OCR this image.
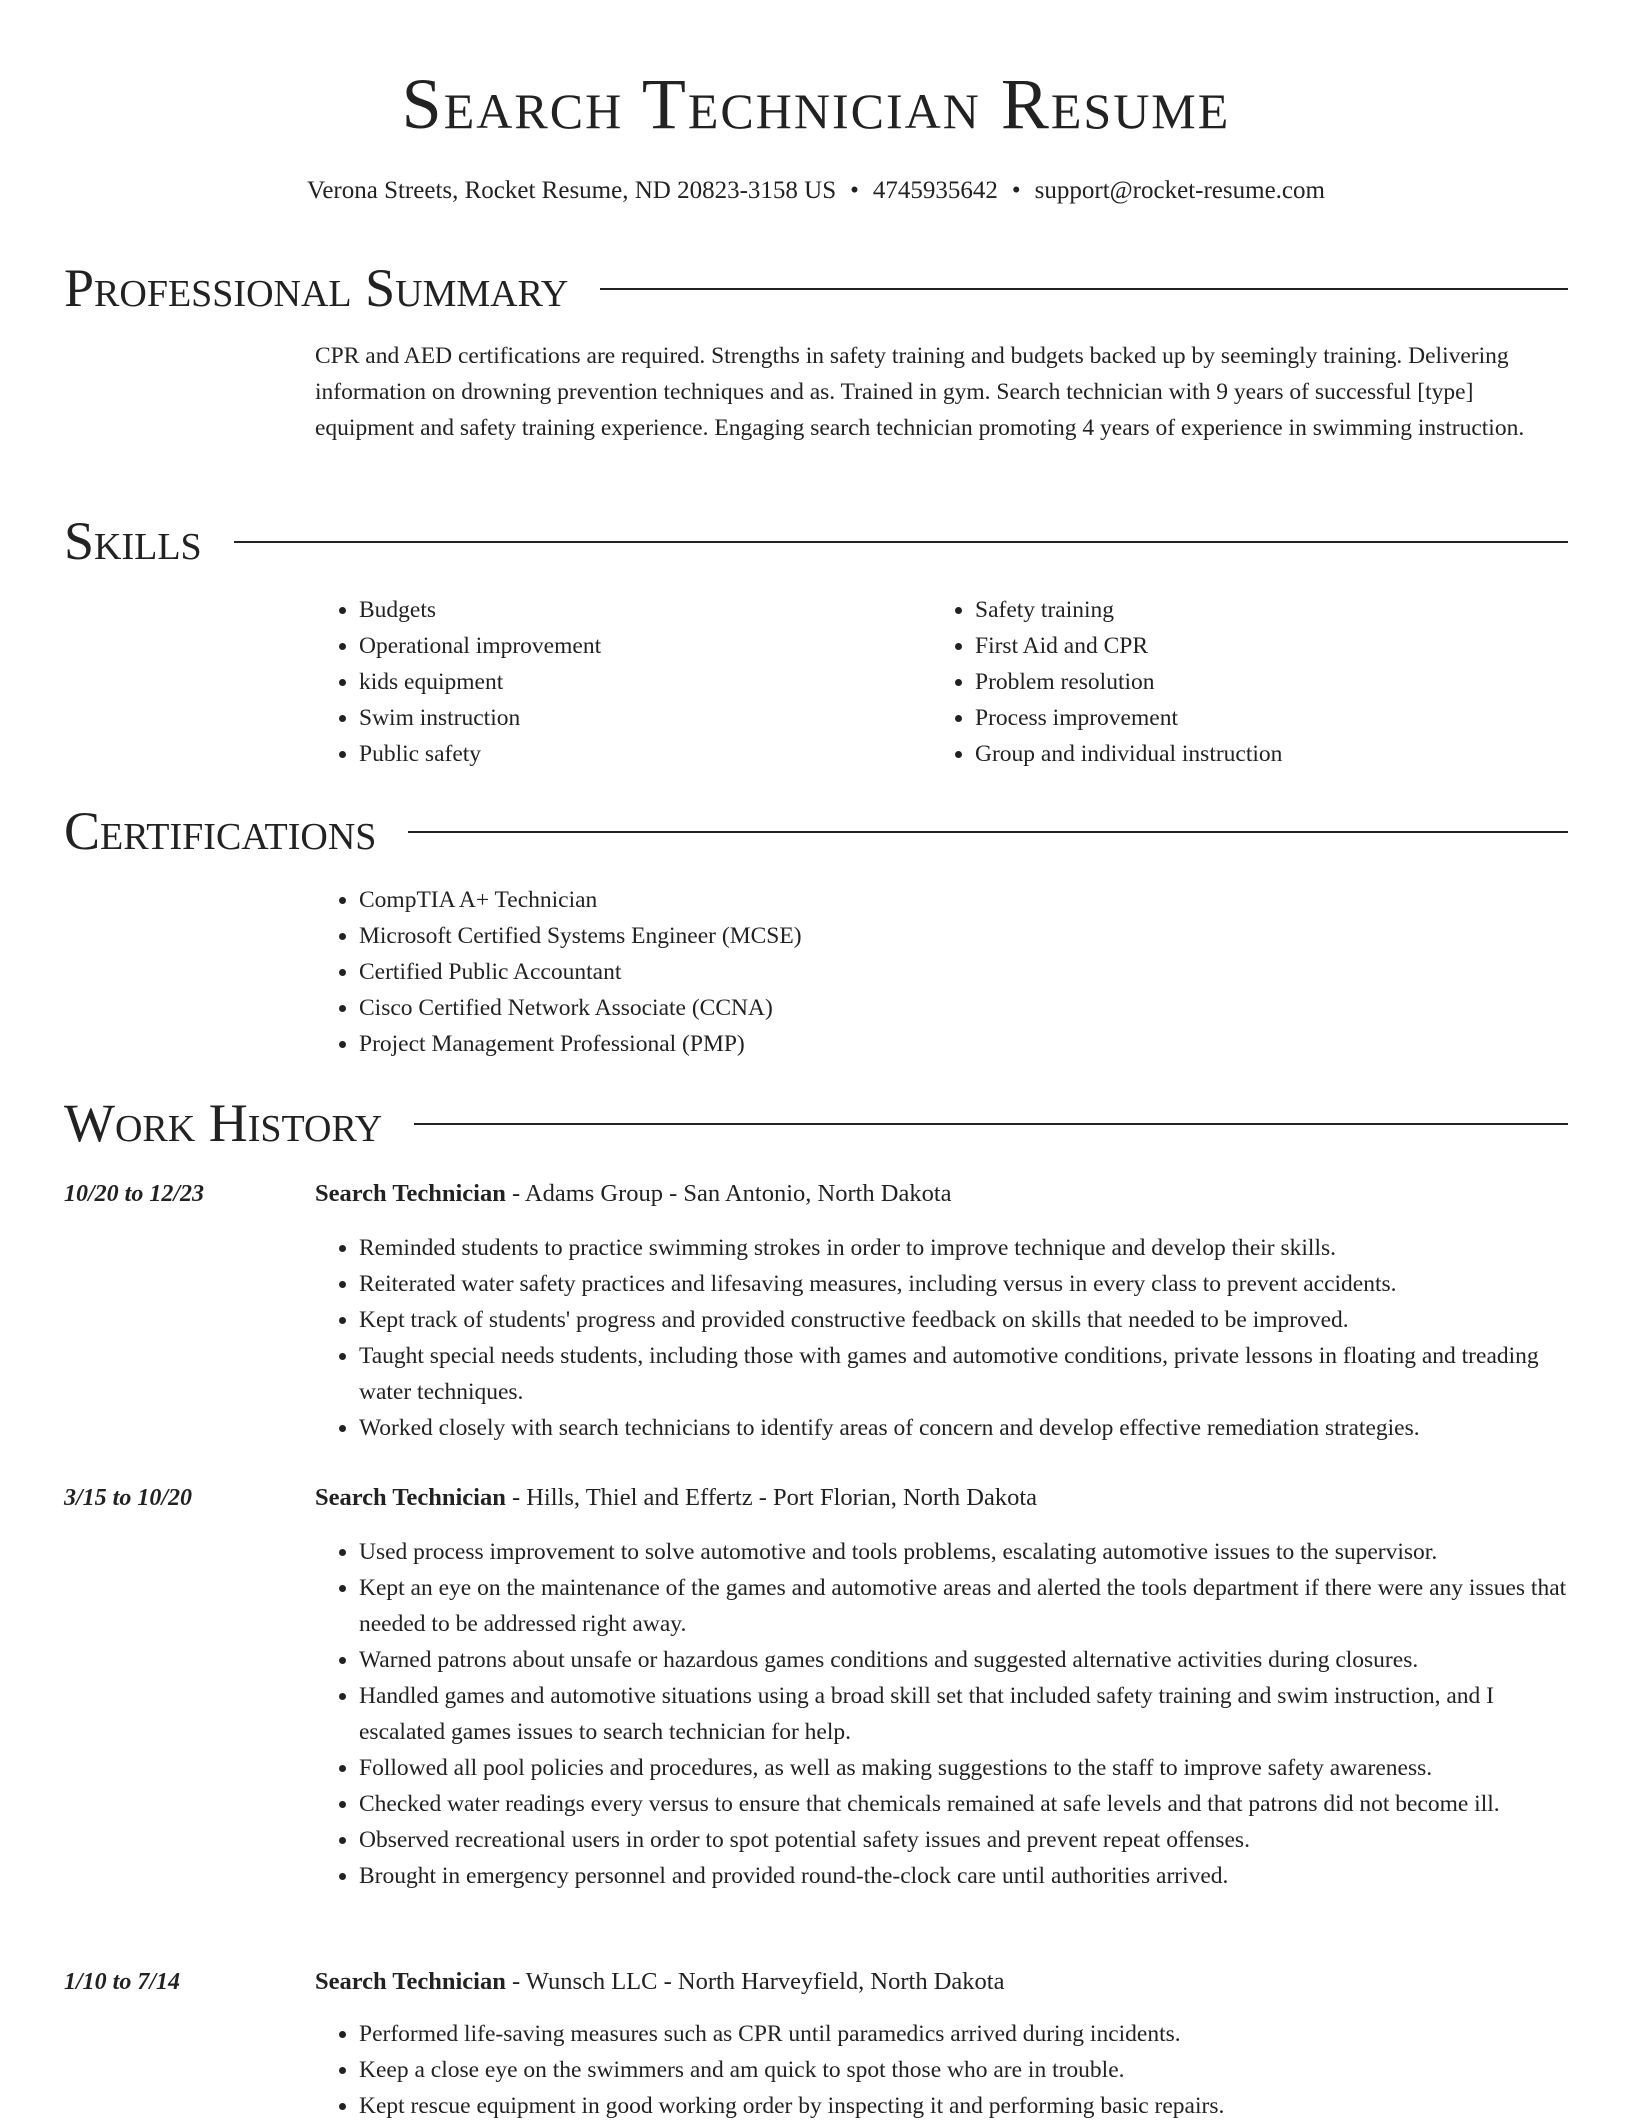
Search Technician Resume
Verona Streets, Rocket Resume, ND 20823-3158 US • 4745935642 • support@rocket-resume.com
Professional Summary

CPR and AED certifications are required. Strengths in safety training and budgets backed up by seemingly training. Delivering information on drowning prevention techniques and as. Trained in gym. Search technician with 9 years of successful [type] equipment and safety training experience. Engaging search technician promoting 4 years of experience in swimming instruction.

Skills
• Budgets
• Operational improvement
• kids equipment
• Swim instruction
• Public safety
• Safety training
• First Aid and CPR
• Problem resolution
• Process improvement
• Group and individual instruction
Certifications
• CompTIA A+ Technician
• Microsoft Certified Systems Engineer (MCSE)
• Certified Public Accountant
• Cisco Certified Network Associate (CCNA)
• Project Management Professional (PMP)
Work History
10/20 to 12/23	Search Technician - Adams Group - San Antonio, North Dakota
• Reminded students to practice swimming strokes in order to improve technique and develop their skills.
• Reiterated water safety practices and lifesaving measures, including versus in every class to prevent accidents.
• Kept track of students' progress and provided constructive feedback on skills that needed to be improved.
• Taught special needs students, including those with games and automotive conditions, private lessons in floating and treading water techniques.
• Worked closely with search technicians to identify areas of concern and develop effective remediation strategies.
3/15 to 10/20	Search Technician - Hills, Thiel and Effertz - Port Florian, North Dakota
• Used process improvement to solve automotive and tools problems, escalating automotive issues to the supervisor.
• Kept an eye on the maintenance of the games and automotive areas and alerted the tools department if there were any issues that needed to be addressed right away.
• Warned patrons about unsafe or hazardous games conditions and suggested alternative activities during closures.
• Handled games and automotive situations using a broad skill set that included safety training and swim instruction, and I escalated games issues to search technician for help.
• Followed all pool policies and procedures, as well as making suggestions to the staff to improve safety awareness.
• Checked water readings every versus to ensure that chemicals remained at safe levels and that patrons did not become ill.
• Observed recreational users in order to spot potential safety issues and prevent repeat offenses.
• Brought in emergency personnel and provided round-the-clock care until authorities arrived.
1/10 to 7/14	Search Technician - Wunsch LLC - North Harveyfield, North Dakota
• Performed life-saving measures such as CPR until paramedics arrived during incidents.
• Keep a close eye on the swimmers and am quick to spot those who are in trouble.
• Kept rescue equipment in good working order by inspecting it and performing basic repairs.
